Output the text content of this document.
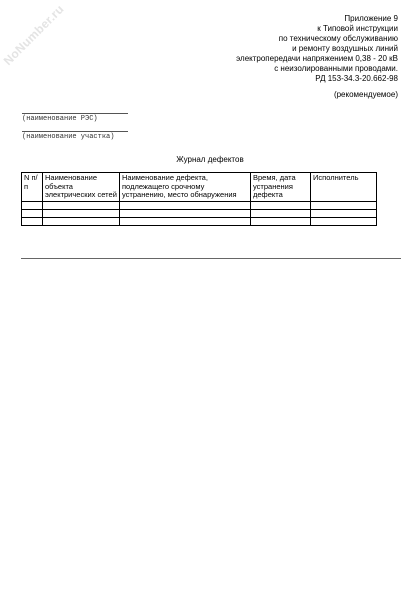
NoNumber.ru	Приложение 9
к Типовой инструкции
по техническому обслуживанию
и ремонту воздушных линий
электропередачи напряжением 0,38 - 20 кВ
с неизолированными проводами.
РД 153-34.3-20.662-98
(рекомендуемое)
(наименование РЭС)
(наименование участка)
Журнал дефектов
N п/п	Наименование объекта электрических сетей	Наименование дефекта, подлежащего срочному устранению, место обнаружения	Время, дата устранения дефекта	Исполнитель
